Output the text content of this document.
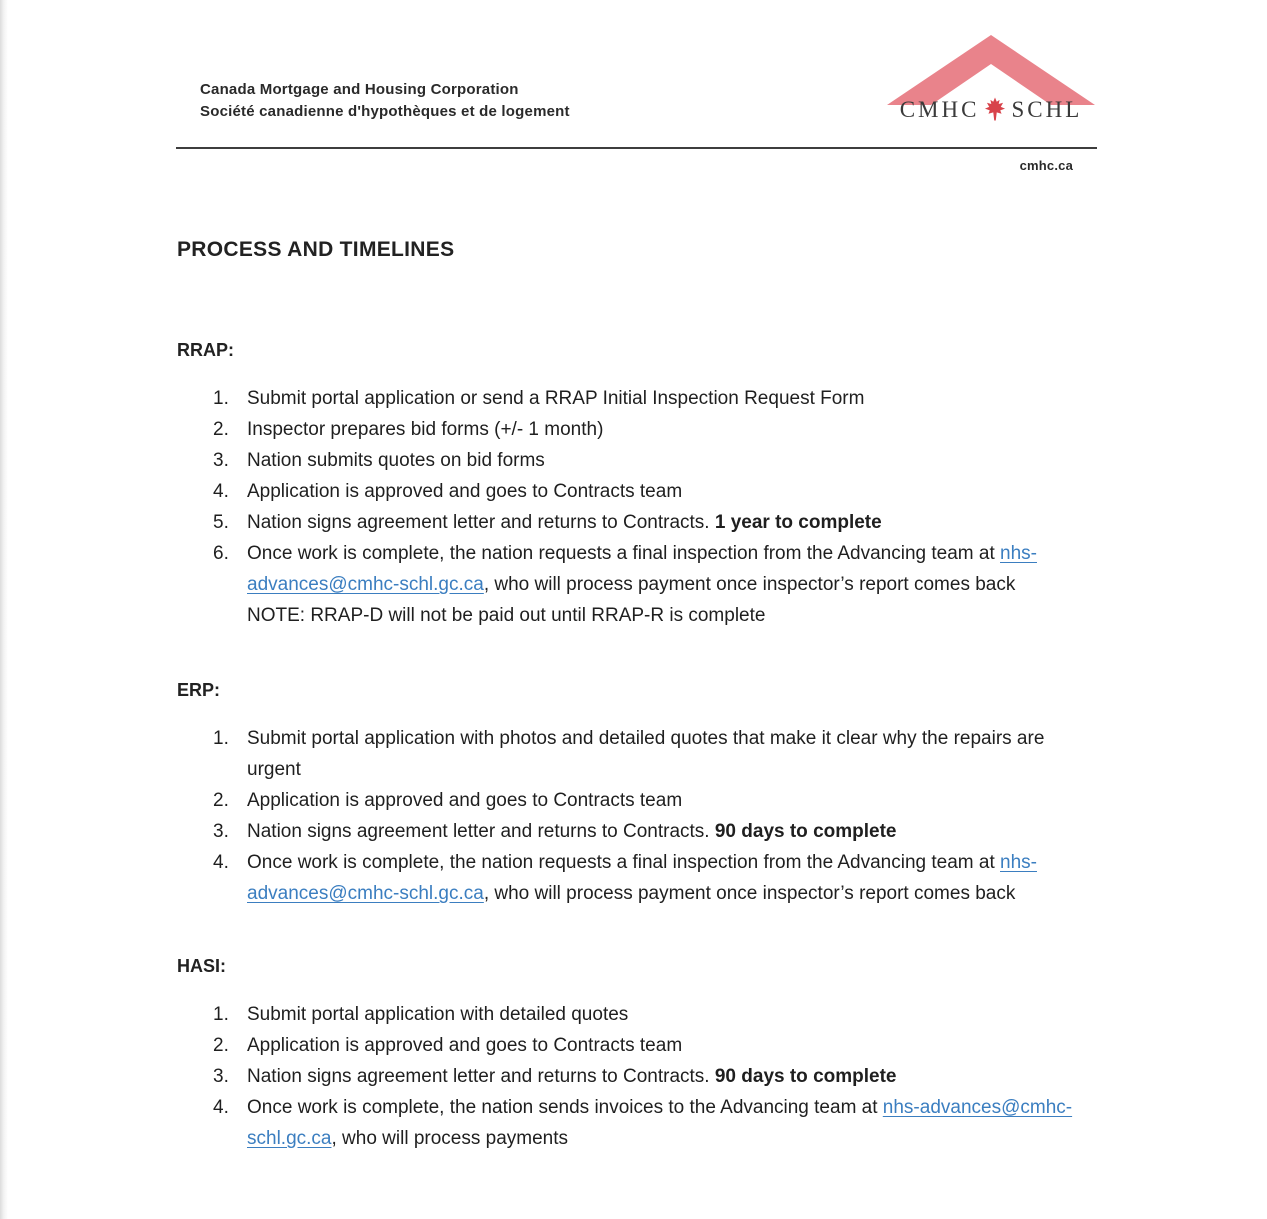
Canada Mortgage and Housing Corporation
Société canadienne d'hypothèques et de logement	CMHC SCHL
cmhc.ca
PROCESS AND TIMELINES
RRAP:
1. Submit portal application or send a RRAP Initial Inspection Request Form
2. Inspector prepares bid forms (+/- 1 month)
3. Nation submits quotes on bid forms
4. Application is approved and goes to Contracts team
5. Nation signs agreement letter and returns to Contracts. 1 year to complete
6. Once work is complete, the nation requests a final inspection from the Advancing team at nhs-advances@cmhc-schl.gc.ca, who will process payment once inspector’s report comes back
NOTE: RRAP-D will not be paid out until RRAP-R is complete
ERP:
1. Submit portal application with photos and detailed quotes that make it clear why the repairs are urgent
2. Application is approved and goes to Contracts team
3. Nation signs agreement letter and returns to Contracts. 90 days to complete
4. Once work is complete, the nation requests a final inspection from the Advancing team at nhs-advances@cmhc-schl.gc.ca, who will process payment once inspector’s report comes back
HASI:
1. Submit portal application with detailed quotes
2. Application is approved and goes to Contracts team
3. Nation signs agreement letter and returns to Contracts. 90 days to complete
4. Once work is complete, the nation sends invoices to the Advancing team at nhs-advances@cmhc-schl.gc.ca, who will process payments
